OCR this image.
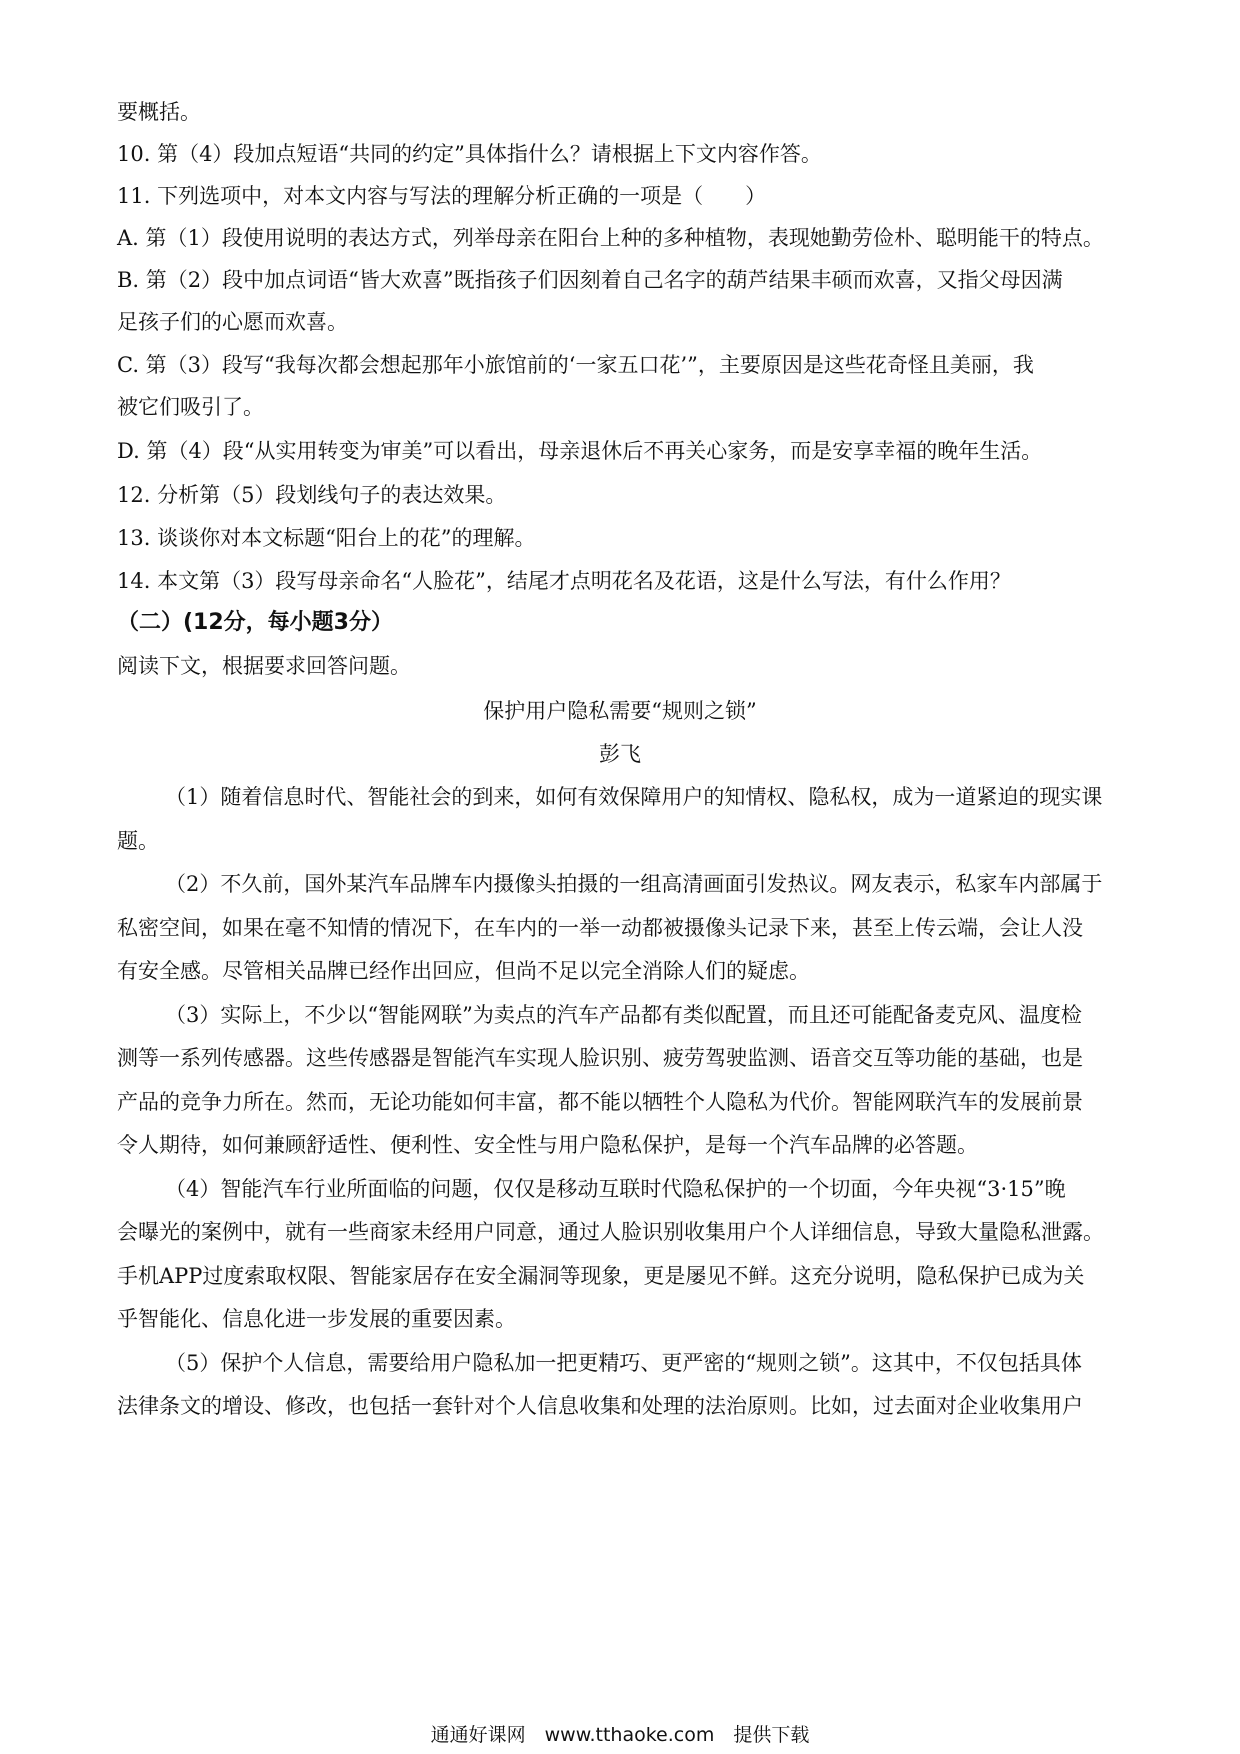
要概括。
10. 第（4）段加点短语“共同的约定”具体指什么？请根据上下文内容作答。
11. 下列选项中，对本文内容与写法的理解分析正确的一项是（　　）
A. 第（1）段使用说明的表达方式，列举母亲在阳台上种的多种植物，表现她勤劳俭朴、聪明能干的特点。
B. 第（2）段中加点词语“皆大欢喜”既指孩子们因刻着自己名字的葫芦结果丰硕而欢喜，又指父母因满
足孩子们的心愿而欢喜。
C. 第（3）段写“我每次都会想起那年小旅馆前的‘一家五口花’”，主要原因是这些花奇怪且美丽，我
被它们吸引了。
D. 第（4）段“从实用转变为审美”可以看出，母亲退休后不再关心家务，而是安享幸福的晚年生活。
12. 分析第（5）段划线句子的表达效果。
13. 谈谈你对本文标题“阳台上的花”的理解。
14. 本文第（3）段写母亲命名“人脸花”，结尾才点明花名及花语，这是什么写法，有什么作用？
（二）(12分，每小题3分）
阅读下文，根据要求回答问题。
保护用户隐私需要“规则之锁”
彭飞
（1）随着信息时代、智能社会的到来，如何有效保障用户的知情权、隐私权，成为一道紧迫的现实课
题。
（2）不久前，国外某汽车品牌车内摄像头拍摄的一组高清画面引发热议。网友表示，私家车内部属于
私密空间，如果在毫不知情的情况下，在车内的一举一动都被摄像头记录下来，甚至上传云端，会让人没
有安全感。尽管相关品牌已经作出回应，但尚不足以完全消除人们的疑虑。
（3）实际上，不少以“智能网联”为卖点的汽车产品都有类似配置，而且还可能配备麦克风、温度检
测等一系列传感器。这些传感器是智能汽车实现人脸识别、疲劳驾驶监测、语音交互等功能的基础，也是
产品的竞争力所在。然而，无论功能如何丰富，都不能以牺牲个人隐私为代价。智能网联汽车的发展前景
令人期待，如何兼顾舒适性、便利性、安全性与用户隐私保护，是每一个汽车品牌的必答题。
（4）智能汽车行业所面临的问题，仅仅是移动互联时代隐私保护的一个切面，今年央视“3·15”晚
会曝光的案例中，就有一些商家未经用户同意，通过人脸识别收集用户个人详细信息，导致大量隐私泄露。
手机APP过度索取权限、智能家居存在安全漏洞等现象，更是屡见不鲜。这充分说明，隐私保护已成为关
乎智能化、信息化进一步发展的重要因素。
（5）保护个人信息，需要给用户隐私加一把更精巧、更严密的“规则之锁”。这其中，不仅包括具体
法律条文的增设、修改，也包括一套针对个人信息收集和处理的法治原则。比如，过去面对企业收集用户
通通好课网　www.tthaoke.com　提供下载
